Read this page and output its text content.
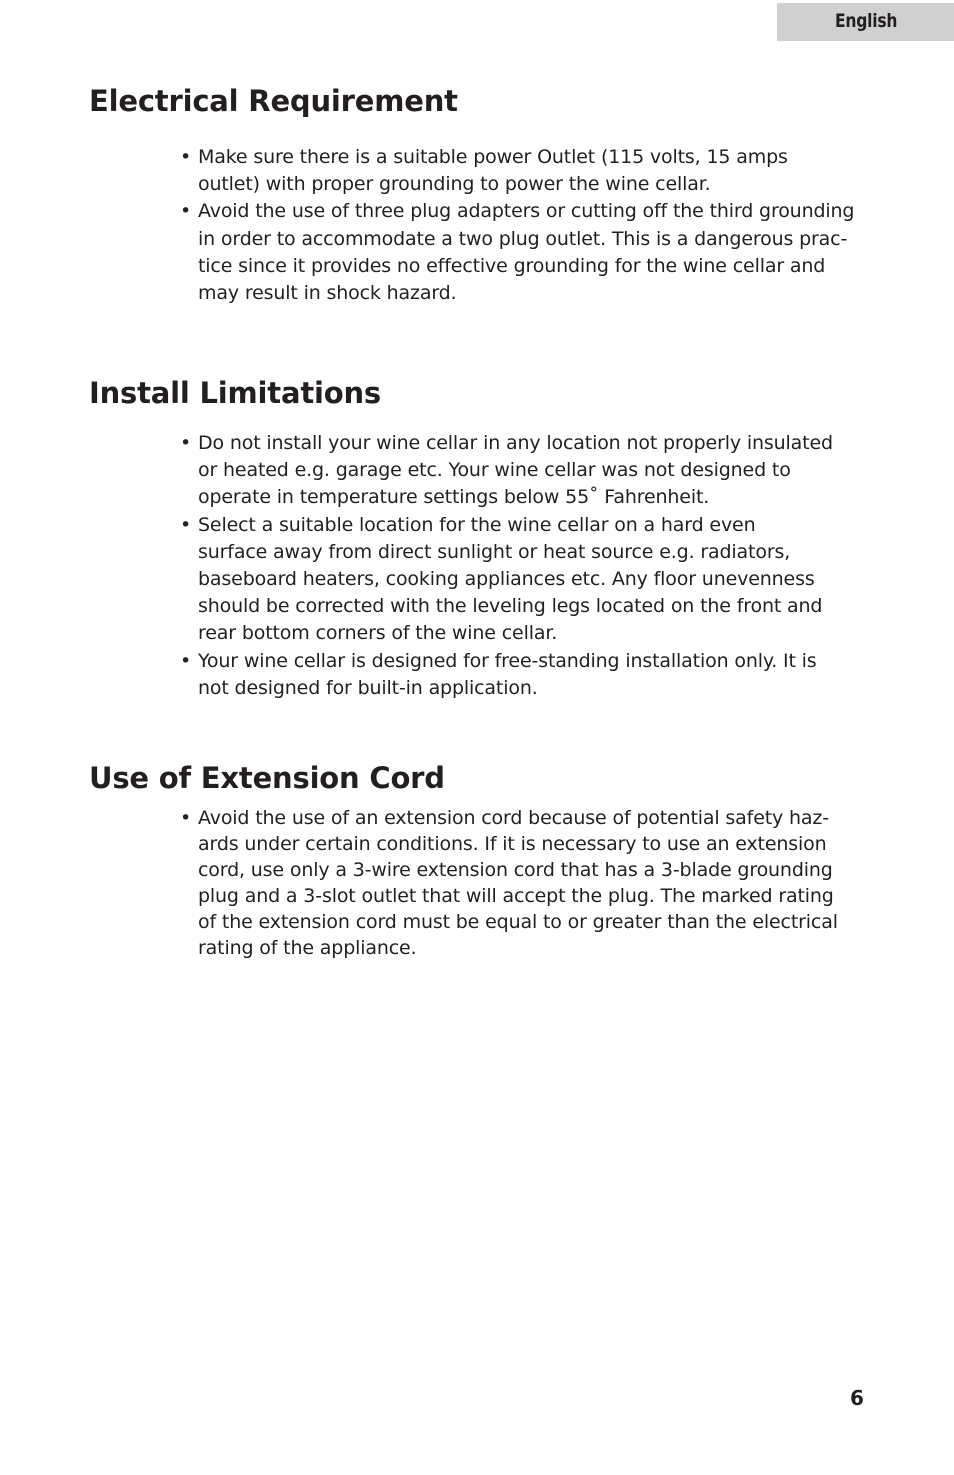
English
Electrical Requirement
• Make sure there is a suitable power Outlet (115 volts, 15 amps
outlet) with proper grounding to power the wine cellar.
• Avoid the use of three plug adapters or cutting off the third grounding
in order to accommodate a two plug outlet. This is a dangerous prac-
tice since it provides no effective grounding for the wine cellar and
may result in shock hazard.
Install Limitations
• Do not install your wine cellar in any location not properly insulated
or heated e.g. garage etc. Your wine cellar was not designed to
operate in temperature settings below 55˚ Fahrenheit.
• Select a suitable location for the wine cellar on a hard even
surface away from direct sunlight or heat source e.g. radiators,
baseboard heaters, cooking appliances etc. Any floor unevenness
should be corrected with the leveling legs located on the front and
rear bottom corners of the wine cellar.
• Your wine cellar is designed for free-standing installation only. It is
not designed for built-in application.
Use of Extension Cord
• Avoid the use of an extension cord because of potential safety haz-
ards under certain conditions. If it is necessary to use an extension
cord, use only a 3-wire extension cord that has a 3-blade grounding
plug and a 3-slot outlet that will accept the plug. The marked rating
of the extension cord must be equal to or greater than the electrical
rating of the appliance.
6
